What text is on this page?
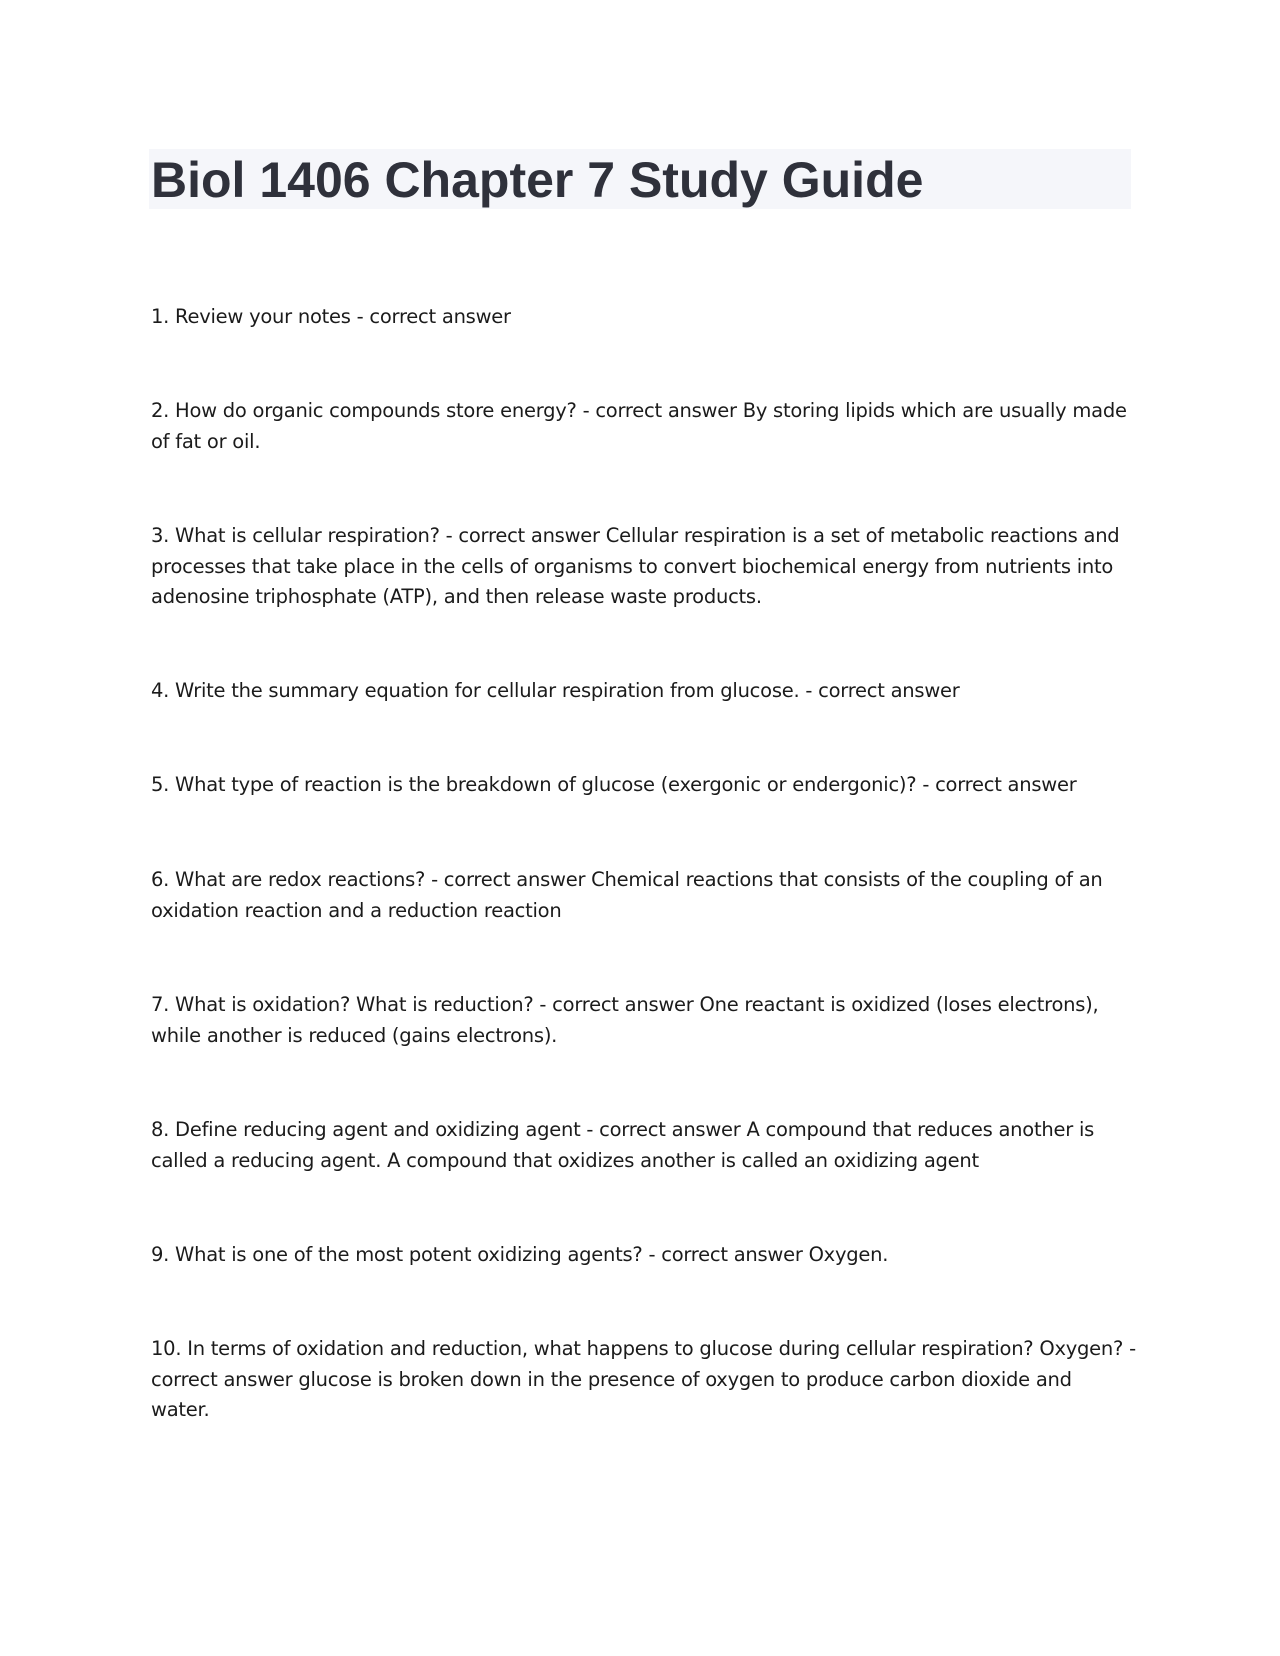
Biol 1406 Chapter 7 Study Guide
1. Review your notes - correct answer
2. How do organic compounds store energy? - correct answer By storing lipids which are usually made of fat or oil.
3. What is cellular respiration? - correct answer Cellular respiration is a set of metabolic reactions and processes that take place in the cells of organisms to convert biochemical energy from nutrients into adenosine triphosphate (ATP), and then release waste products.
4. Write the summary equation for cellular respiration from glucose. - correct answer
5. What type of reaction is the breakdown of glucose (exergonic or endergonic)? - correct answer
6. What are redox reactions? - correct answer Chemical reactions that consists of the coupling of an oxidation reaction and a reduction reaction
7. What is oxidation? What is reduction? - correct answer One reactant is oxidized (loses electrons), while another is reduced (gains electrons).
8. Define reducing agent and oxidizing agent - correct answer A compound that reduces another is called a reducing agent. A compound that oxidizes another is called an oxidizing agent
9. What is one of the most potent oxidizing agents? - correct answer Oxygen.
10. In terms of oxidation and reduction, what happens to glucose during cellular respiration? Oxygen? - correct answer glucose is broken down in the presence of oxygen to produce carbon dioxide and water.
